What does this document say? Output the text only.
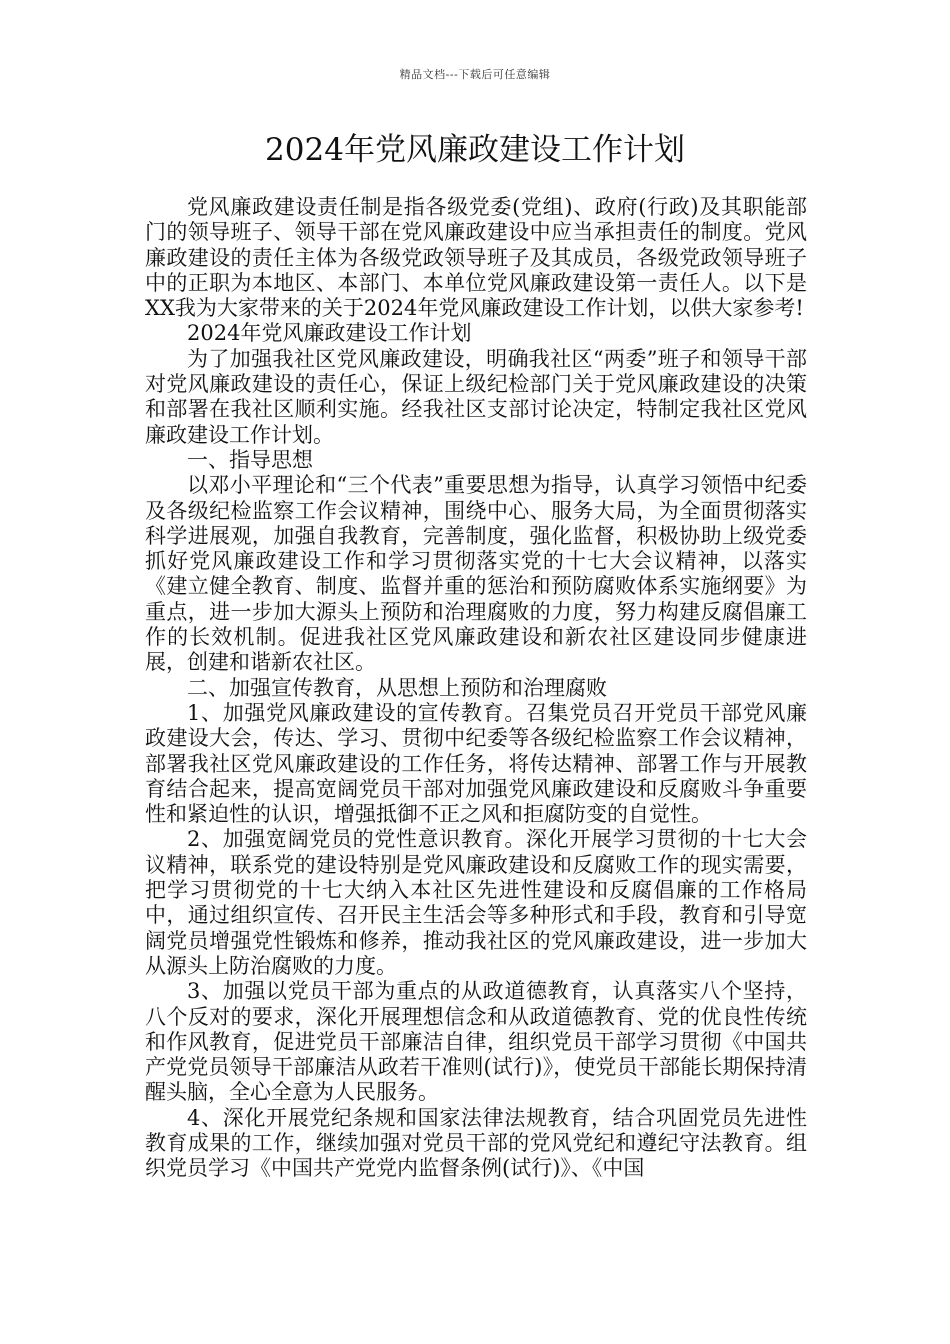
精品文档---下载后可任意编辑
2024年党风廉政建设工作计划

党风廉政建设责任制是指各级党委(党组)、政府(行政)及其职能部门的领导班子、领导干部在党风廉政建设中应当承担责任的制度。党风廉政建设的责任主体为各级党政领导班子及其成员，各级党政领导班子中的正职为本地区、本部门、本单位党风廉政建设第一责任人。以下是XX我为大家带来的关于2024年党风廉政建设工作计划，以供大家参考!

2024年党风廉政建设工作计划

为了加强我社区党风廉政建设，明确我社区“两委”班子和领导干部对党风廉政建设的责任心，保证上级纪检部门关于党风廉政建设的决策和部署在我社区顺利实施。经我社区支部讨论决定，特制定我社区党风廉政建设工作计划。

一、指导思想

以邓小平理论和“三个代表”重要思想为指导，认真学习领悟中纪委及各级纪检监察工作会议精神，围绕中心、服务大局，为全面贯彻落实科学进展观，加强自我教育，完善制度，强化监督，积极协助上级党委抓好党风廉政建设工作和学习贯彻落实党的十七大会议精神，以落实《建立健全教育、制度、监督并重的惩治和预防腐败体系实施纲要》为重点，进一步加大源头上预防和治理腐败的力度，努力构建反腐倡廉工作的长效机制。促进我社区党风廉政建设和新农社区建设同步健康进展，创建和谐新农社区。

二、加强宣传教育，从思想上预防和治理腐败

1、加强党风廉政建设的宣传教育。召集党员召开党员干部党风廉政建设大会，传达、学习、贯彻中纪委等各级纪检监察工作会议精神，部署我社区党风廉政建设的工作任务，将传达精神、部署工作与开展教育结合起来，提高宽阔党员干部对加强党风廉政建设和反腐败斗争重要性和紧迫性的认识，增强抵御不正之风和拒腐防变的自觉性。

2、加强宽阔党员的党性意识教育。深化开展学习贯彻的十七大会议精神，联系党的建设特别是党风廉政建设和反腐败工作的现实需要，把学习贯彻党的十七大纳入本社区先进性建设和反腐倡廉的工作格局中，通过组织宣传、召开民主生活会等多种形式和手段，教育和引导宽阔党员增强党性锻炼和修养，推动我社区的党风廉政建设，进一步加大从源头上防治腐败的力度。

3、加强以党员干部为重点的从政道德教育，认真落实八个坚持，八个反对的要求，深化开展理想信念和从政道德教育、党的优良性传统和作风教育，促进党员干部廉洁自律，组织党员干部学习贯彻《中国共产党党员领导干部廉洁从政若干准则(试行)》，使党员干部能长期保持清醒头脑，全心全意为人民服务。

4、深化开展党纪条规和国家法律法规教育，结合巩固党员先进性教育成果的工作，继续加强对党员干部的党风党纪和遵纪守法教育。组织党员学习《中国共产党党内监督条例(试行)》、《中国
